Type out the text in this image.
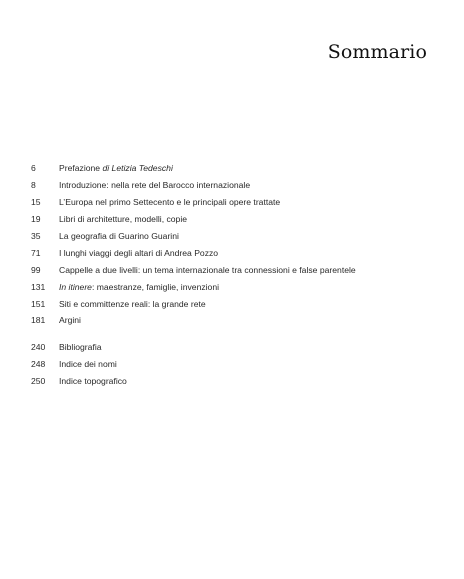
Sommario
6	Prefazione di Letizia Tedeschi
8	Introduzione: nella rete del Barocco internazionale
15	L’Europa nel primo Settecento e le principali opere trattate
19	Libri di architetture, modelli, copie
35	La geografia di Guarino Guarini
71	I lunghi viaggi degli altari di Andrea Pozzo
99	Cappelle a due livelli: un tema internazionale tra connessioni e false parentele
131	In itinere: maestranze, famiglie, invenzioni
151	Siti e committenze reali: la grande rete
181	Argini
240	Bibliografia
248	Indice dei nomi
250	Indice topografico
